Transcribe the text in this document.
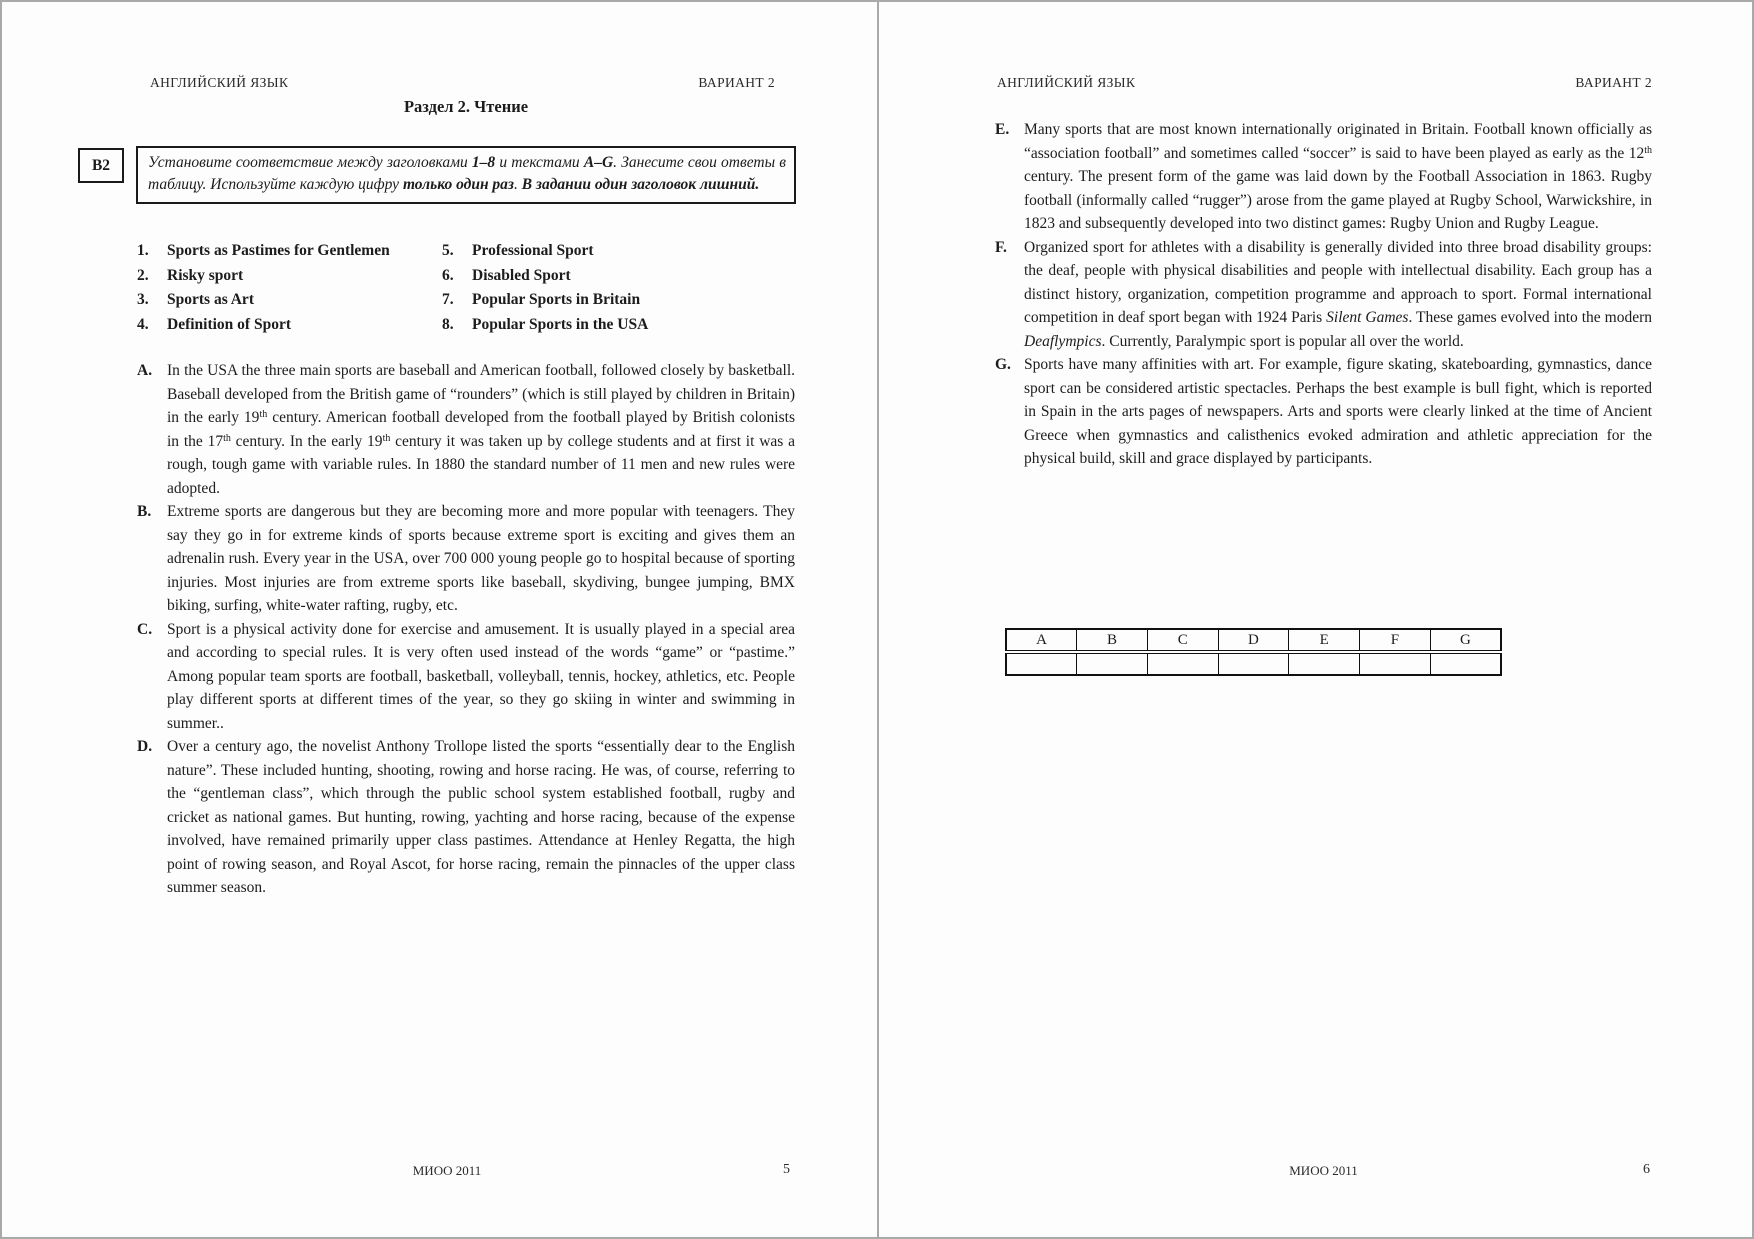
АНГЛИЙСКИЙ ЯЗЫК	ВАРИАНТ 2
Раздел 2. Чтение
B2	Установите соответствие между заголовками 1–8 и текстами А–G. Занесите свои ответы в таблицу. Используйте каждую цифру только один раз. В задании один заголовок лишний.
1. Sports as Pastimes for Gentlemen
2. Risky sport
3. Sports as Art
4. Definition of Sport
5. Professional Sport
6. Disabled Sport
7. Popular Sports in Britain
8. Popular Sports in the USA
A. In the USA the three main sports are baseball and American football, followed closely by basketball. Baseball developed from the British game of “rounders” (which is still played by children in Britain) in the early 19th century. American football developed from the football played by British colonists in the 17th century. In the early 19th century it was taken up by college students and at first it was a rough, tough game with variable rules. In 1880 the standard number of 11 men and new rules were adopted.
B. Extreme sports are dangerous but they are becoming more and more popular with teenagers. They say they go in for extreme kinds of sports because extreme sport is exciting and gives them an adrenalin rush. Every year in the USA, over 700 000 young people go to hospital because of sporting injuries. Most injuries are from extreme sports like baseball, skydiving, bungee jumping, BMX biking, surfing, white-water rafting, rugby, etc.
C. Sport is a physical activity done for exercise and amusement. It is usually played in a special area and according to special rules. It is very often used instead of the words “game” or “pastime.” Among popular team sports are football, basketball, volleyball, tennis, hockey, athletics, etc. People play different sports at different times of the year, so they go skiing in winter and swimming in summer..
D. Over a century ago, the novelist Anthony Trollope listed the sports “essentially dear to the English nature”. These included hunting, shooting, rowing and horse racing. He was, of course, referring to the “gentleman class”, which through the public school system established football, rugby and cricket as national games. But hunting, rowing, yachting and horse racing, because of the expense involved, have remained primarily upper class pastimes. Attendance at Henley Regatta, the high point of rowing season, and Royal Ascot, for horse racing, remain the pinnacles of the upper class summer season.
МИОО 2011	5
АНГЛИЙСКИЙ ЯЗЫК	ВАРИАНТ 2
E. Many sports that are most known internationally originated in Britain. Football known officially as “association football” and sometimes called “soccer” is said to have been played as early as the 12th century. The present form of the game was laid down by the Football Association in 1863. Rugby football (informally called “rugger”) arose from the game played at Rugby School, Warwickshire, in 1823 and subsequently developed into two distinct games: Rugby Union and Rugby League.
F. Organized sport for athletes with a disability is generally divided into three broad disability groups: the deaf, people with physical disabilities and people with intellectual disability. Each group has a distinct history, organization, competition programme and approach to sport. Formal international competition in deaf sport began with 1924 Paris Silent Games. These games evolved into the modern Deaflympics. Currently, Paralympic sport is popular all over the world.
G. Sports have many affinities with art. For example, figure skating, skateboarding, gymnastics, dance sport can be considered artistic spectacles. Perhaps the best example is bull fight, which is reported in Spain in the arts pages of newspapers. Arts and sports were clearly linked at the time of Ancient Greece when gymnastics and calisthenics evoked admiration and athletic appreciation for the physical build, skill and grace displayed by participants.
A	B	C	D	E	F	G

МИОО 2011	6
